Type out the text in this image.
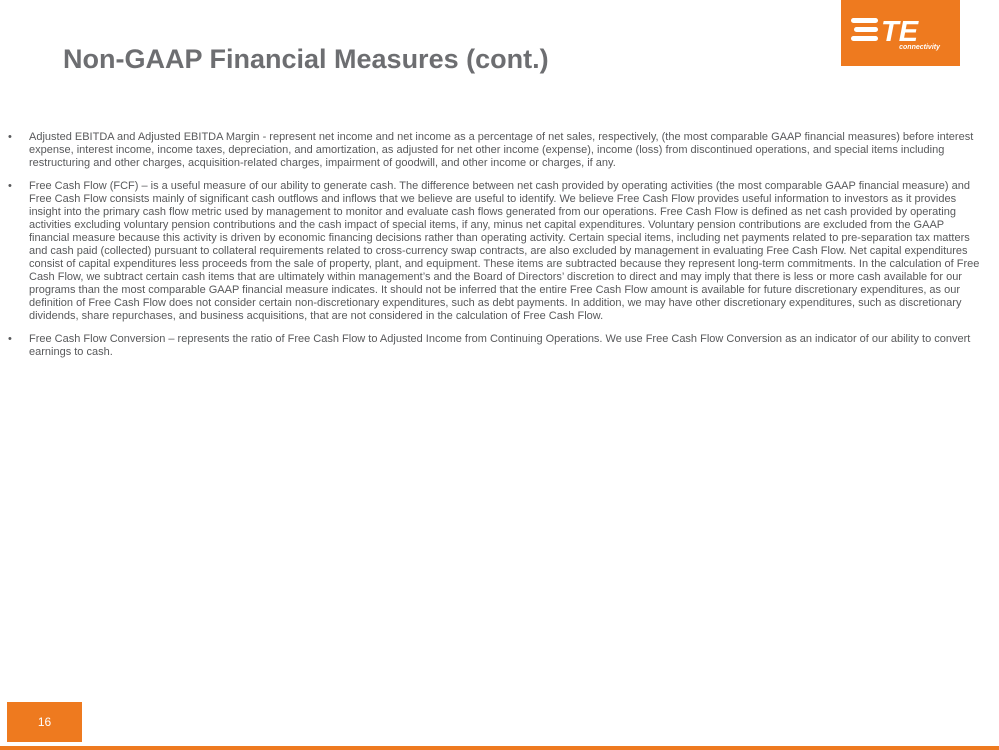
Non-GAAP Financial Measures (cont.)
TE
connectivity
•	Adjusted EBITDA and Adjusted EBITDA Margin - represent net income and net income as a percentage of net sales, respectively, (the most comparable GAAP financial measures) before interest expense, interest income, income taxes, depreciation, and amortization, as adjusted for net other income (expense), income (loss) from discontinued operations, and special items including restructuring and other charges, acquisition-related charges, impairment of goodwill, and other income or charges, if any.
•	Free Cash Flow (FCF) – is a useful measure of our ability to generate cash. The difference between net cash provided by operating activities (the most comparable GAAP financial measure) and Free Cash Flow consists mainly of significant cash outflows and inflows that we believe are useful to identify. We believe Free Cash Flow provides useful information to investors as it provides insight into the primary cash flow metric used by management to monitor and evaluate cash flows generated from our operations. Free Cash Flow is defined as net cash provided by operating activities excluding voluntary pension contributions and the cash impact of special items, if any, minus net capital expenditures. Voluntary pension contributions are excluded from the GAAP financial measure because this activity is driven by economic financing decisions rather than operating activity. Certain special items, including net payments related to pre-separation tax matters and cash paid (collected) pursuant to collateral requirements related to cross-currency swap contracts, are also excluded by management in evaluating Free Cash Flow. Net capital expenditures consist of capital expenditures less proceeds from the sale of property, plant, and equipment. These items are subtracted because they represent long-term commitments. In the calculation of Free Cash Flow, we subtract certain cash items that are ultimately within management’s and the Board of Directors’ discretion to direct and may imply that there is less or more cash available for our programs than the most comparable GAAP financial measure indicates. It should not be inferred that the entire Free Cash Flow amount is available for future discretionary expenditures, as our definition of Free Cash Flow does not consider certain non-discretionary expenditures, such as debt payments. In addition, we may have other discretionary expenditures, such as discretionary dividends, share repurchases, and business acquisitions, that are not considered in the calculation of Free Cash Flow.
•	Free Cash Flow Conversion – represents the ratio of Free Cash Flow to Adjusted Income from Continuing Operations. We use Free Cash Flow Conversion as an indicator of our ability to convert earnings to cash.
16
